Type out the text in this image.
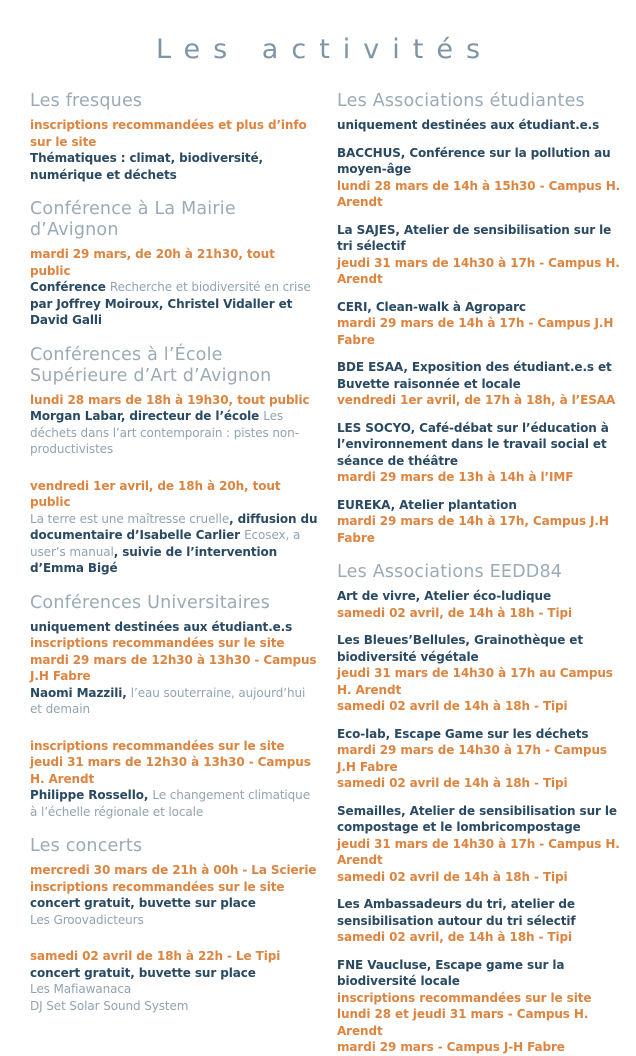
Les activités
Les fresques

inscriptions recommandées et plus d’info sur le site

Thématiques : climat, biodiversité, numérique et déchets

Conférence à La Mairie d’Avignon

mardi 29 mars, de 20h à 21h30, tout public

Conférence Recherche et biodiversité en crise par Joffrey Moiroux, Christel Vidaller et David Galli

Conférences à l’École Supérieure d’Art d’Avignon

lundi 28 mars de 18h à 19h30, tout public

Morgan Labar, directeur de l’école Les déchets dans l’art contemporain : pistes non-productivistes

vendredi 1er avril, de 18h à 20h, tout public

La terre est une maîtresse cruelle, diffusion du documentaire d’Isabelle Carlier Ecosex, a user’s manual, suivie de l’intervention d’Emma Bigé

Conférences Universitaires

uniquement destinées aux étudiant.e.s

inscriptions recommandées sur le site

mardi 29 mars de 12h30 à 13h30 - Campus J.H Fabre

Naomi Mazzili, l’eau souterraine, aujourd’hui et demain

inscriptions recommandées sur le site

jeudi 31 mars de 12h30 à 13h30 - Campus H. Arendt

Philippe Rossello, Le changement climatique à l’échelle régionale et locale

Les concerts

mercredi 30 mars de 21h à 00h - La Scierie

inscriptions recommandées sur le site

concert gratuit, buvette sur place

Les Groovadicteurs

samedi 02 avril de 18h à 22h - Le Tipi

concert gratuit, buvette sur place

Les Mafiawanaca

DJ Set Solar Sound System

Les Associations étudiantes

uniquement destinées aux étudiant.e.s

BACCHUS, Conférence sur la pollution au moyen-âge

lundi 28 mars de 14h à 15h30 - Campus H. Arendt

La SAJES, Atelier de sensibilisation sur le tri sélectif

jeudi 31 mars de 14h30 à 17h - Campus H. Arendt

CERI, Clean-walk à Agroparc

mardi 29 mars de 14h à 17h - Campus J.H Fabre

BDE ESAA, Exposition des étudiant.e.s et Buvette raisonnée et locale

vendredi 1er avril, de 17h à 18h, à l’ESAA

LES SOCYO, Café-débat sur l’éducation à l’environnement dans le travail social et séance de théâtre

mardi 29 mars de 13h à 14h à l’IMF

EUREKA, Atelier plantation

mardi 29 mars de 14h à 17h, Campus J.H Fabre

Les Associations EEDD84

Art de vivre, Atelier éco-ludique

samedi 02 avril, de 14h à 18h - Tipi

Les Bleues’Bellules, Grainothèque et biodiversité végétale

jeudi 31 mars de 14h30 à 17h au Campus H. Arendt

samedi 02 avril de 14h à 18h - Tipi

Eco-lab, Escape Game sur les déchets

mardi 29 mars de 14h30 à 17h - Campus J.H Fabre

samedi 02 avril de 14h à 18h - Tipi

Semailles, Atelier de sensibilisation sur le compostage et le lombricompostage

jeudi 31 mars de 14h30 à 17h - Campus H. Arendt

samedi 02 avril de 14h à 18h - Tipi

Les Ambassadeurs du tri, atelier de sensibilisation autour du tri sélectif

samedi 02 avril, de 14h à 18h - Tipi

FNE Vaucluse, Escape game sur la biodiversité locale

inscriptions recommandées sur le site

lundi 28 et jeudi 31 mars - Campus H. Arendt

mardi 29 mars - Campus J-H Fabre
